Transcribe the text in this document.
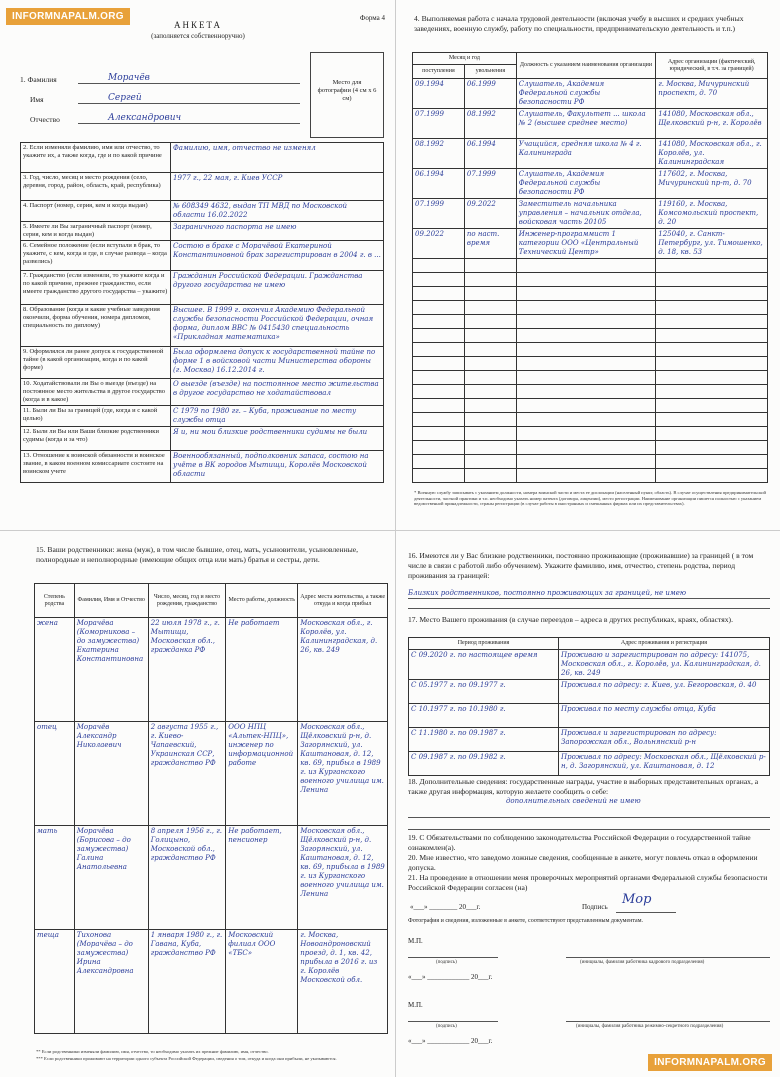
INFORMNAPALM.ORG	Форма 4
АНКЕТА
(заполняется собственноручно)
Место для фотографии (4 см х 6 см)
1. Фамилия	Морачёв
Имя	Сергей
Отчество	Александрович
2. Если изменяли фамилию, имя или отчество, то укажите их, а также когда, где и по какой причине	Фамилию, имя, отчество не изменял
3. Год, число, месяц и место рождения (село, деревня, город, район, область, край, республика)	1977 г., 22 мая, г. Киев УССР
4. Паспорт (номер, серия, кем и когда выдан)	№ 608349 4632, выдан ТП МВД по Московской области 16.02.2022
5. Имеете ли Вы заграничный паспорт (номер, серия, кем и когда выдан)	Заграничного паспорта не имею
6. Семейное положение (если вступали в брак, то укажите, с кем, когда и где, в случае развода – когда развелись)	Состою в браке с Морачёвой Екатериной Константиновной брак зарегистрирован в 2004 г. в ...
7. Гражданство (если изменяли, то укажите когда и по какой причине, прежнее гражданство, если имеете гражданство другого государства – укажите)	Гражданин Российской Федерации. Гражданства другого государства не имею
8. Образование (когда и какие учебные заведения окончили, форма обучения, номера дипломов, специальность по диплому)	Высшее. В 1999 г. окончил Академию Федеральной службы безопасности Российской Федерации, очная форма, диплом ВВС № 0415430 специальность «Прикладная математика»
9. Оформлялся ли ранее допуск к государственной тайне (в какой организации, когда и по какой форме)	Была оформлена допуск к государственной тайне по форме 1 в войсковой части Министерства обороны (г. Москва) 16.12.2014 г.
10. Ходатайствовали ли Вы о выезде (въезде) на постоянное место жительства в другое государство (когда и в какое)	О выезде (въезде) на постоянное место жительства в другое государство не ходатайствовал
11. Были ли Вы за границей (где, когда и с какой целью)	С 1979 по 1980 гг. – Куба, проживание по месту службы отца
12. Были ли Вы или Ваши близкие родственники судимы (когда и за что)	Я и, ни мои близкие родственники судимы не были
13. Отношение к воинской обязанности и воинское звание, в каком военном комиссариате состоите на воинском учете	Военнообязанный, подполковник запаса, состою на учёте в ВК городов Мытищи, Королёв Московской области
4. Выполняемая работа с начала трудовой деятельности (включая учебу в высших и средних учебных заведениях, военную службу, работу по специальности, предпринимательскую деятельность и т.п.)
Месяц и год		Должность с указанием наименования организации	Адрес организации (фактический, юридический, в т.ч. за границей)
поступления	увольнения		
09.1994	06.1999	Слушатель, Академия Федеральной службы безопасности РФ	г. Москва, Мичуринский проспект, д. 70
07.1999	08.1992	Слушатель, Факультет ... школа № 2 (высшее среднее место)	141080, Московская обл., Щелковский р-н, г. Королёв
08.1992	06.1994	Учащийся, средняя школа № 4 г. Калининграда	141080, Московская обл., г. Королёв, ул. Калининградская
06.1994	07.1999	Слушатель, Академия Федеральной службы безопасности РФ	117602, г. Москва, Мичуринский пр-т, д. 70
07.1999	09.2022	Заместитель начальника управления – начальник отдела, войсковая часть 20105	119160, г. Москва, Комсомольский проспект, д. 20
09.2022	по наст. время	Инженер-программист 1 категории ООО «Центральный Технический Центр»	125040, г. Санкт-Петербург, ул. Тимошенко, д. 18, кв. 53

* Военную службу записывать с указанием должности, номера воинской части и места ее дислокации (населенный пункт, область). В случае осуществления предпринимательской деятельности, частной практики и т.п. необходимо указать номер патента (договора, лицензии), место регистрации. Наименование организации пишется полностью с указанием ведомственной принадлежности, страны регистрации (в случае работы в иностранных и смешанных фирмах или их представительствах).
15. Ваши родственники: жена (муж), в том числе бывшие, отец, мать, усыновители, усыновленные, полнородные и неполнородные (имеющие общих отца или мать) братья и сестры, дети.
Степень родства	Фамилия, Имя и Отчество	Число, месяц, год и место рождения, гражданство	Место работы, должность	Адрес места жительства, а также откуда и когда прибыл
жена	Морачёва (Коморникова – до замужества) Екатерина Константиновна	22 июля 1978 г., г. Мытищи, Московская обл., гражданка РФ	Не работает	Московская обл., г. Королёв, ул. Калининградская, д. 26, кв. 249
отец	Морачёв Александр Николаевич	2 августа 1955 г., г. Киево-Чапаевский, Украинская ССР, гражданство РФ	ООО НПЦ «Альтек-НПЦ», инженер по информационной работе	Московская обл., Щёлковский р-н, д. Загорянский, ул. Каштановая, д. 12, кв. 69, прибыл в 1989 г. из Курганского военного училища им. Ленина
мать	Морачёва (Борисова – до замужества) Галина Анатольевна	8 апреля 1956 г., г. Голицыно, Московской обл., гражданство РФ	Не работает, пенсионер	Московская обл., Щёлковский р-н, д. Загорянский, ул. Каштановая, д. 12, кв. 69, прибыла в 1989 г. из Курганского военного училища им. Ленина
теща	Тихонова (Морачёва – до замужества) Ирина Александровна	1 января 1980 г., г. Гавана, Куба, гражданство РФ	Московский филиал ООО «ТБС»	г. Москва, Новоандроновский проезд, д. 1, кв. 42, прибыла в 2016 г. из г. Королёв Московской обл.
** Если родственники изменяли фамилию, имя, отчество, то необходимо указать их прежние фамилию, имя, отчество.
*** Если родственники проживают на территории одного субъекта Российской Федерации, сведения о том, откуда и когда они прибыли, не указываются.
16. Имеются ли у Вас близкие родственники, постоянно проживающие (проживавшие) за границей ( в том числе в связи с работой либо обучением). Укажите фамилию, имя, отчество, степень родства, период проживания за границей:
Близких родственников, постоянно проживающих за границей, не имею
17. Место Вашего проживания (в случае переездов – адреса в других республиках, краях, областях).
Период проживания	Адрес проживания и регистрация
С 09.2020 г. по настоящее время	Проживаю и зарегистрирован по адресу: 141075, Московская обл., г. Королёв, ул. Калининградская, д. 26, кв. 249
С 05.1977 г. по 09.1977 г.	Проживал по адресу: г. Киев, ул. Бегоровская, д. 40
С 10.1977 г. по 10.1980 г.	Проживал по месту службы отца, Куба
С 11.1980 г. по 09.1987 г.	Проживал и зарегистрирован по адресу: Запорожская обл., Вольнянский р-н
С 09.1987 г. по 09.1982 г.	Проживал по адресу: Московская обл., Щёлковский р-н, д. Загорянский, ул. Каштановая, д. 12
18. Дополнительные сведения: государственные награды, участие в выборных представительных органах, а также другая информация, которую желаете сообщить о себе:
дополнительных сведений не имею
19. С Обязательствами по соблюдению законодательства Российской Федерации о государственной тайне ознакомлен(а).
20. Мне известно, что заведомо ложные сведения, сообщенные в анкете, могут повлечь отказ в оформлении допуска.
21. На проведение в отношении меня проверочных мероприятий органами Федеральной службы безопасности Российской Федерации согласен (на)
«___» ________ 20___г.	Подпись Мор
Фотография и сведения, изложенные в анкете, соответствуют представленным документам.
М.П.
(подпись)	(инициалы, фамилия работника кадрового подразделения)
«___» ____________ 20___г.
М.П.
(подпись)	(инициалы, фамилия работника режимно-секретного подразделения)
«___» ____________ 20___г.
INFORMNAPALM.ORG
